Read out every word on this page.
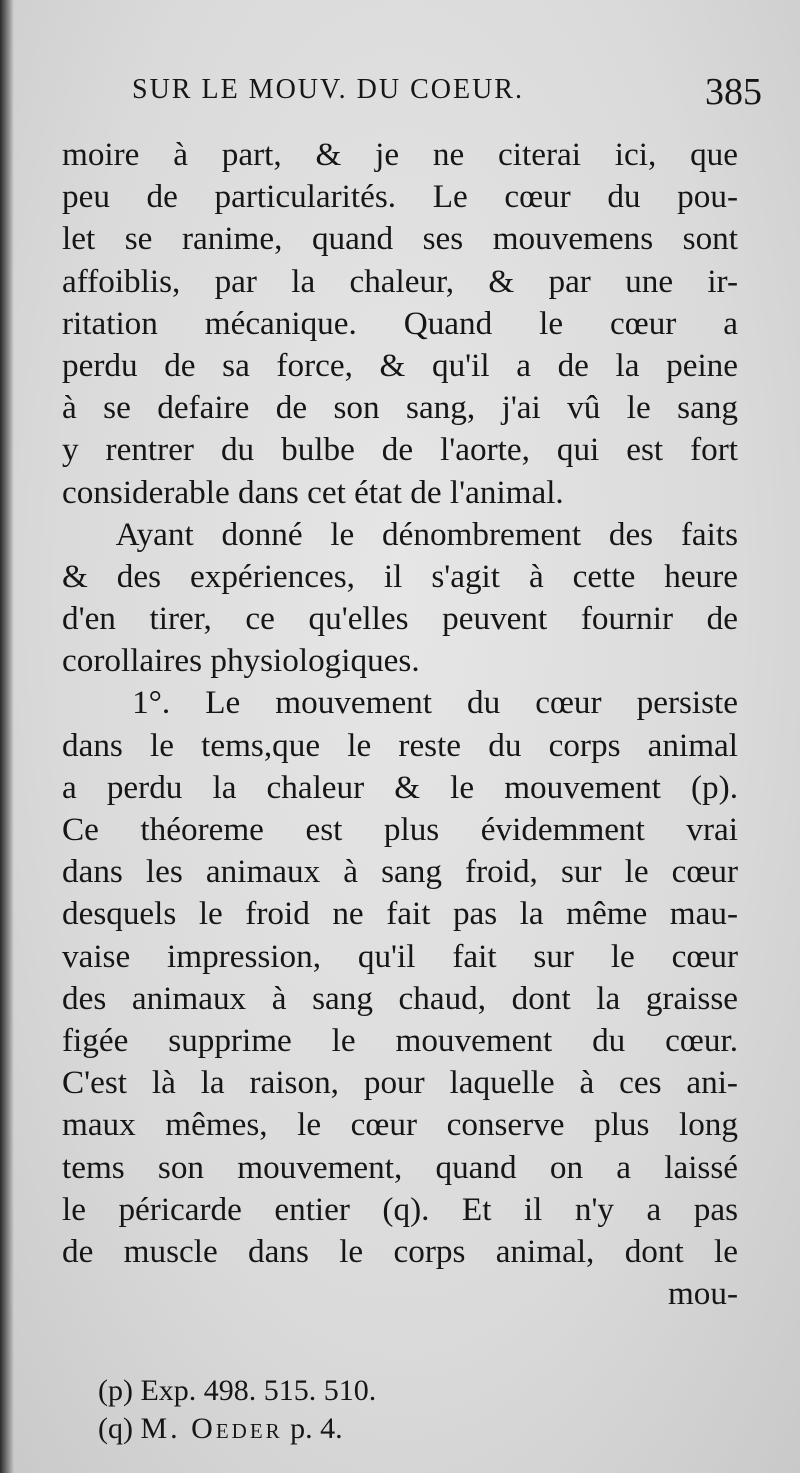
SUR LE MOUV. DU COEUR.	385
moire à part, & je ne citerai ici, que
peu de particularités. Le cœur du pou-
let se ranime, quand ses mouvemens sont
affoiblis, par la chaleur, & par une ir-
ritation mécanique. Quand le cœur a
perdu de sa force, & qu'il a de la peine
à se defaire de son sang, j'ai vû le sang
y rentrer du bulbe de l'aorte, qui est fort
considerable dans cet état de l'animal.
Ayant donné le dénombrement des faits
& des expériences, il s'agit à cette heure
d'en tirer, ce qu'elles peuvent fournir de
corollaires physiologiques.
1°. Le mouvement du cœur persiste
dans le tems,que le reste du corps animal
a perdu la chaleur & le mouvement (p).
Ce théoreme est plus évidemment vrai
dans les animaux à sang froid, sur le cœur
desquels le froid ne fait pas la même mau-
vaise impression, qu'il fait sur le cœur
des animaux à sang chaud, dont la graisse
figée supprime le mouvement du cœur.
C'est là la raison, pour laquelle à ces ani-
maux mêmes, le cœur conserve plus long
tems son mouvement, quand on a laissé
le péricarde entier (q). Et il n'y a pas
de muscle dans le corps animal, dont le
mou-
(p) Exp. 498. 515. 510.
(q) M. Oeder p. 4.
